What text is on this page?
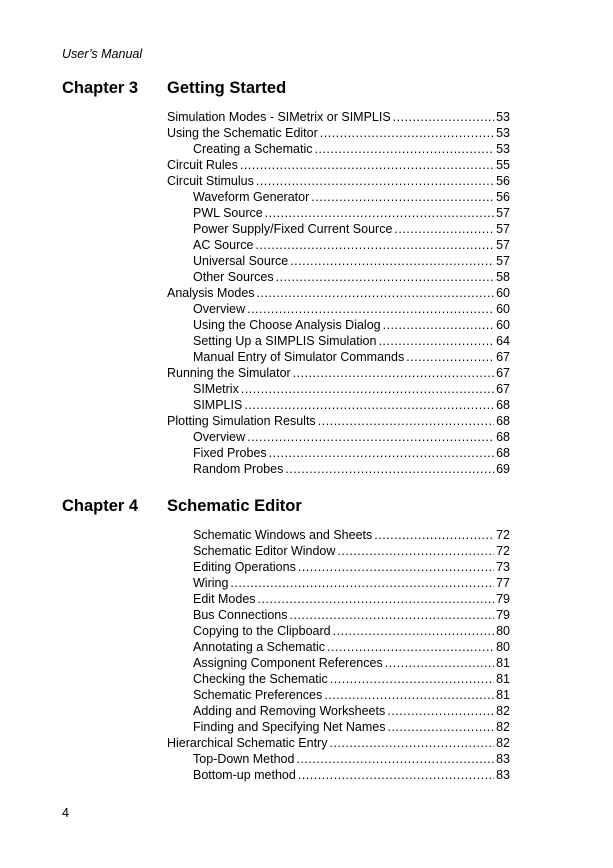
User’s Manual
Chapter 3 Getting Started
Simulation Modes - SIMetrix or SIMPLIS .....	53
Using the Schematic Editor .....	53
Creating a Schematic .....	53
Circuit Rules .....	55
Circuit Stimulus .....	56
Waveform Generator .....	56
PWL Source .....	57
Power Supply/Fixed Current Source .....	57
AC Source .....	57
Universal Source .....	57
Other Sources .....	58
Analysis Modes .....	60
Overview .....	60
Using the Choose Analysis Dialog .....	60
Setting Up a SIMPLIS Simulation .....	64
Manual Entry of Simulator Commands .....	67
Running the Simulator .....	67
SIMetrix .....	67
SIMPLIS .....	68
Plotting Simulation Results .....	68
Overview .....	68
Fixed Probes .....	68
Random Probes .....	69
Chapter 4 Schematic Editor
Schematic Windows and Sheets .....	72
Schematic Editor Window .....	72
Editing Operations .....	73
Wiring .....	77
Edit Modes .....	79
Bus Connections .....	79
Copying to the Clipboard .....	80
Annotating a Schematic .....	80
Assigning Component References .....	81
Checking the Schematic .....	81
Schematic Preferences .....	81
Adding and Removing Worksheets .....	82
Finding and Specifying Net Names .....	82
Hierarchical Schematic Entry .....	82
Top-Down Method .....	83
Bottom-up method .....	83
4
